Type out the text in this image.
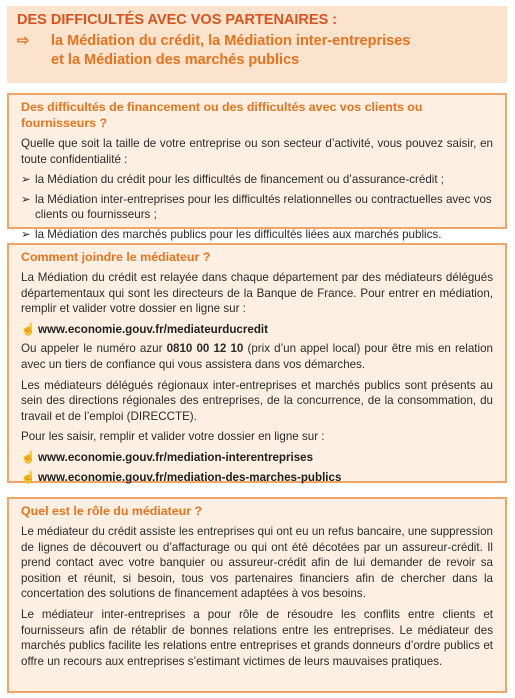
DES DIFFICULTÉS AVEC VOS PARTENAIRES :
⇨	la Médiation du crédit, la Médiation inter-entreprises
et la Médiation des marchés publics
Des difficultés de financement ou des difficultés avec vos clients ou fournisseurs ?

Quelle que soit la taille de votre entreprise ou son secteur d’activité, vous pouvez saisir, en toute confidentialité :

➢ la Médiation du crédit pour les difficultés de financement ou d’assurance-crédit ;
➢ la Médiation inter-entreprises pour les difficultés relationnelles ou contractuelles avec vos clients ou fournisseurs ;
➢ la Médiation des marchés publics pour les difficultés liées aux marchés publics.
Comment joindre le médiateur ?

La Médiation du crédit est relayée dans chaque département par des médiateurs délégués départementaux qui sont les directeurs de la Banque de France. Pour entrer en médiation, remplir et valider votre dossier en ligne sur :

☝ www.economie.gouv.fr/mediateurducredit

Ou appeler le numéro azur 0810 00 12 10 (prix d’un appel local) pour être mis en relation avec un tiers de confiance qui vous assistera dans vos démarches.

Les médiateurs délégués régionaux inter-entreprises et marchés publics sont présents au sein des directions régionales des entreprises, de la concurrence, de la consommation, du travail et de l’emploi (DIRECCTE).

Pour les saisir, remplir et valider votre dossier en ligne sur :

☝ www.economie.gouv.fr/mediation-interentreprises
☝ www.economie.gouv.fr/mediation-des-marches-publics
Quel est le rôle du médiateur ?

Le médiateur du crédit assiste les entreprises qui ont eu un refus bancaire, une suppression de lignes de découvert ou d’affacturage ou qui ont été décotées par un assureur-crédit. Il prend contact avec votre banquier ou assureur-crédit afin de lui demander de revoir sa position et réunit, si besoin, tous vos partenaires financiers afin de chercher dans la concertation des solutions de financement adaptées à vos besoins.

Le médiateur inter-entreprises a pour rôle de résoudre les conflits entre clients et fournisseurs afin de rétablir de bonnes relations entre les entreprises. Le médiateur des marchés publics facilite les relations entre entreprises et grands donneurs d’ordre publics et offre un recours aux entreprises s’estimant victimes de leurs mauvaises pratiques.
